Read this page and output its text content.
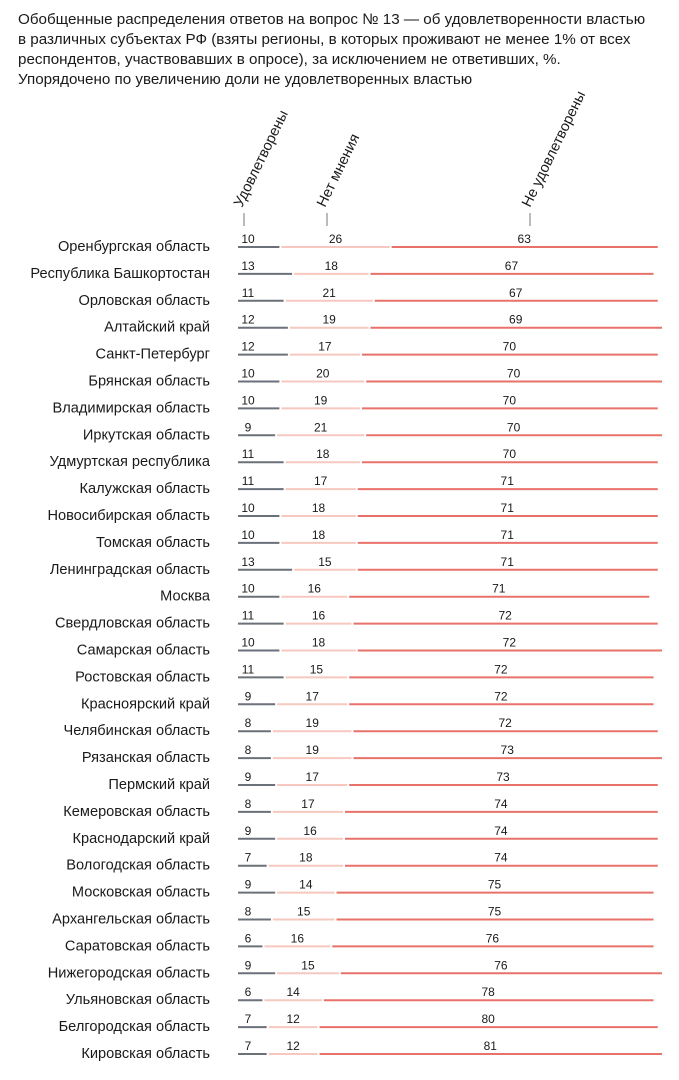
Обобщенные распределения ответов на вопрос № 13 — об удовлетворенности властью
в различных субъектах РФ (взяты регионы, в которых проживают не менее 1% от всех
респондентов, участвовавших в опросе), за исключением не ответивших, %.
Упорядочено по увеличению доли не удовлетворенных властью
Удовлетворены Нет мнения	Не удовлетворены
Оренбургская область	10	26	63
Республика Башкортостан	13	18	67
Орловская область	11	21	67
Алтайский край	12	19	69
Санкт-Петербург	12	17	70
Брянская область	10	20	70
Владимирская область	10	19	70
Иркутская область	9	21	70
Удмуртская республика	11	18	70
Калужская область	11	17	71
Новосибирская область	10	18	71
Томская область	10	18	71
Ленинградская область	13	15	71
Москва	10	16	71
Свердловская область	11	16	72
Самарская область	10	18	72
Ростовская область	11	15	72
Красноярский край	9	17	72
Челябинская область	8	19	72
Рязанская область	8	19	73
Пермский край	9	17	73
Кемеровская область	8	17	74
Краснодарский край	9	16	74
Вологодская область	7	18	74
Московская область	9	14	75
Архангельская область	8	15	75
Саратовская область	6	16	76
Нижегородская область	9	15	76
Ульяновская область	6	14	78
Белгородская область	7	12	80
Кировская область	7	12	81
